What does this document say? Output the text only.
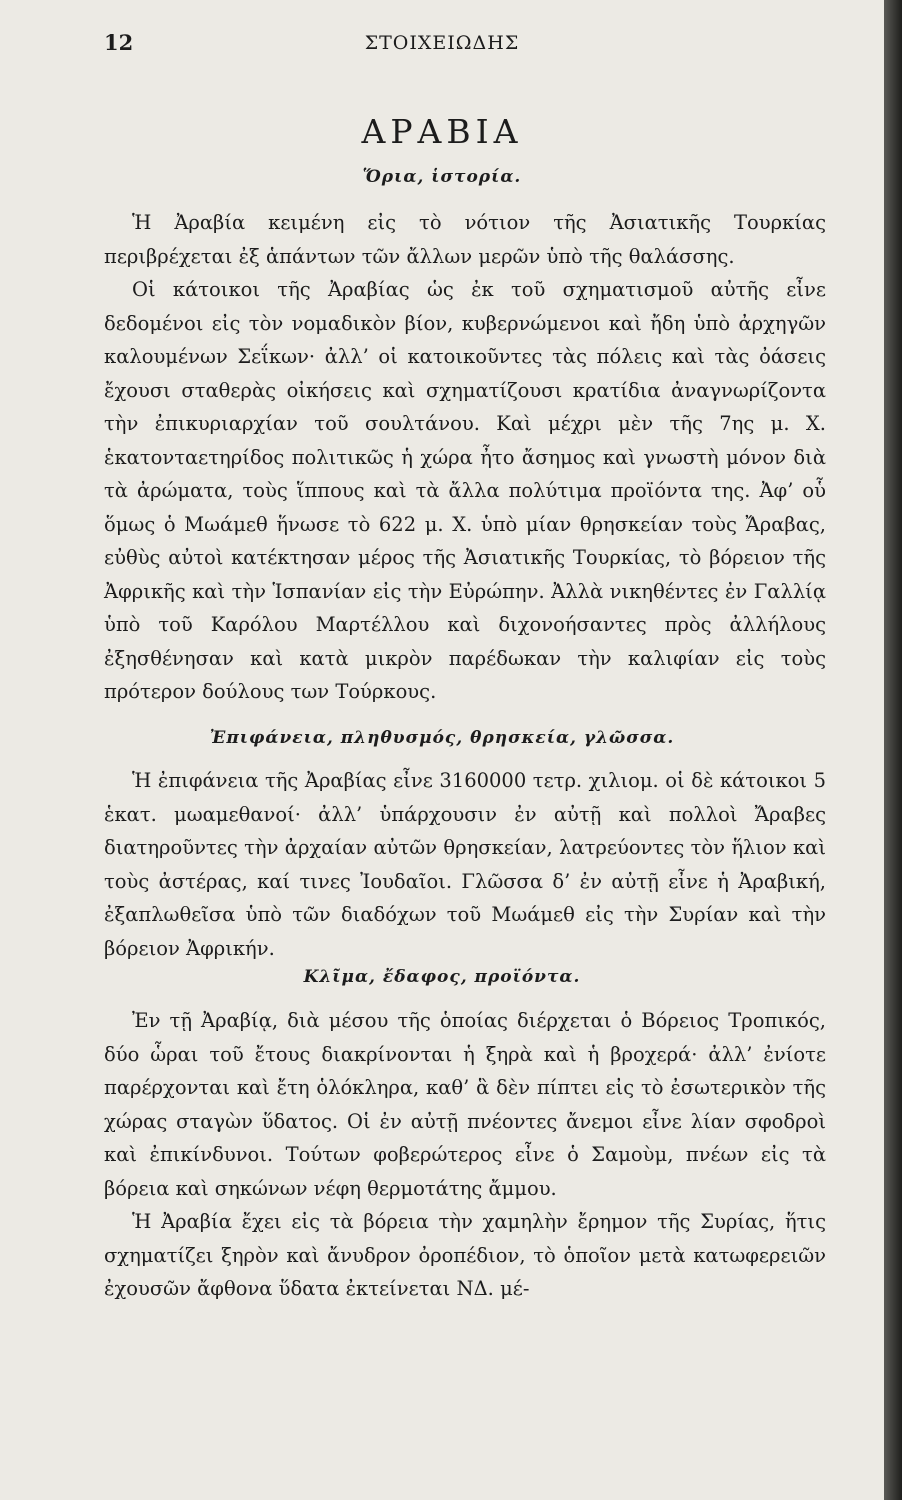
12	ΣΤΟΙΧΕΙΩΔΗΣ
ΑΡΑΒΙΑ
Ὅρια, ἱστορία.

Ἡ Ἀραβία κειμένη εἰς τὸ νότιον τῆς Ἀσιατικῆς Τουρκίας περιβρέχεται ἐξ ἁπάντων τῶν ἄλλων μερῶν ὑπὸ τῆς θαλάσσης.

Οἱ κάτοικοι τῆς Ἀραβίας ὡς ἐκ τοῦ σχηματισμοῦ αὐτῆς εἶνε δεδομένοι εἰς τὸν νομαδικὸν βίον, κυβερνώμενοι καὶ ἤδη ὑπὸ ἀρχηγῶν καλουμένων Σεΐκων· ἀλλ’ οἱ κατοικοῦντες τὰς πόλεις καὶ τὰς ὀάσεις ἔχουσι σταθερὰς οἰκήσεις καὶ σχηματίζουσι κρατίδια ἀναγνωρίζοντα τὴν ἐπικυριαρχίαν τοῦ σουλτάνου. Καὶ μέχρι μὲν τῆς 7ης μ. Χ. ἑκατονταετηρίδος πολιτικῶς ἡ χώρα ἦτο ἄσημος καὶ γνωστὴ μόνον διὰ τὰ ἀρώματα, τοὺς ἵππους καὶ τὰ ἄλλα πολύτιμα προϊόντα της. Ἀφ’ οὗ ὅμως ὁ Μωάμεθ ἥνωσε τὸ 622 μ. Χ. ὑπὸ μίαν θρησκείαν τοὺς Ἄραβας, εὐθὺς αὐτοὶ κατέκτησαν μέρος τῆς Ἀσιατικῆς Τουρκίας, τὸ βόρειον τῆς Ἀφρικῆς καὶ τὴν Ἱσπανίαν εἰς τὴν Εὐρώπην. Ἀλλὰ νικηθέντες ἐν Γαλλίᾳ ὑπὸ τοῦ Καρόλου Μαρτέλλου καὶ διχονοήσαντες πρὸς ἀλλήλους ἐξησθένησαν καὶ κατὰ μικρὸν παρέδωκαν τὴν καλιφίαν εἰς τοὺς πρότερον δούλους των Τούρκους.

Ἐπιφάνεια, πληθυσμός, θρησκεία, γλῶσσα.

Ἡ ἐπιφάνεια τῆς Ἀραβίας εἶνε 3160000 τετρ. χιλιομ. οἱ δὲ κάτοικοι 5 ἑκατ. μωαμεθανοί· ἀλλ’ ὑπάρχουσιν ἐν αὐτῇ καὶ πολλοὶ Ἄραβες διατηροῦντες τὴν ἀρχαίαν αὐτῶν θρησκείαν, λατρεύοντες τὸν ἥλιον καὶ τοὺς ἀστέρας, καί τινες Ἰουδαῖοι. Γλῶσσα δ’ ἐν αὐτῇ εἶνε ἡ Ἀραβική, ἐξαπλωθεῖσα ὑπὸ τῶν διαδόχων τοῦ Μωάμεθ εἰς τὴν Συρίαν καὶ τὴν βόρειον Ἀφρικήν.

Κλῖμα, ἔδαφος, προϊόντα.

Ἐν τῇ Ἀραβίᾳ, διὰ μέσου τῆς ὁποίας διέρχεται ὁ Βόρειος Τροπικός, δύο ὧραι τοῦ ἔτους διακρίνονται ἡ ξηρὰ καὶ ἡ βροχερά· ἀλλ’ ἐνίοτε παρέρχονται καὶ ἔτη ὁλόκληρα, καθ’ ἃ δὲν πίπτει εἰς τὸ ἐσωτερικὸν τῆς χώρας σταγὼν ὕδατος. Οἱ ἐν αὐτῇ πνέοντες ἄνεμοι εἶνε λίαν σφοδροὶ καὶ ἐπικίνδυνοι. Τούτων φοβερώτερος εἶνε ὁ Σαμοὺμ, πνέων εἰς τὰ βόρεια καὶ σηκώνων νέφη θερμοτάτης ἄμμου.

Ἡ Ἀραβία ἔχει εἰς τὰ βόρεια τὴν χαμηλὴν ἔρημον τῆς Συρίας, ἥτις σχηματίζει ξηρὸν καὶ ἄνυδρον ὀροπέδιον, τὸ ὁποῖον μετὰ κατωφερειῶν ἐχουσῶν ἄφθονα ὕδατα ἐκτείνεται ΝΔ. μέ-
